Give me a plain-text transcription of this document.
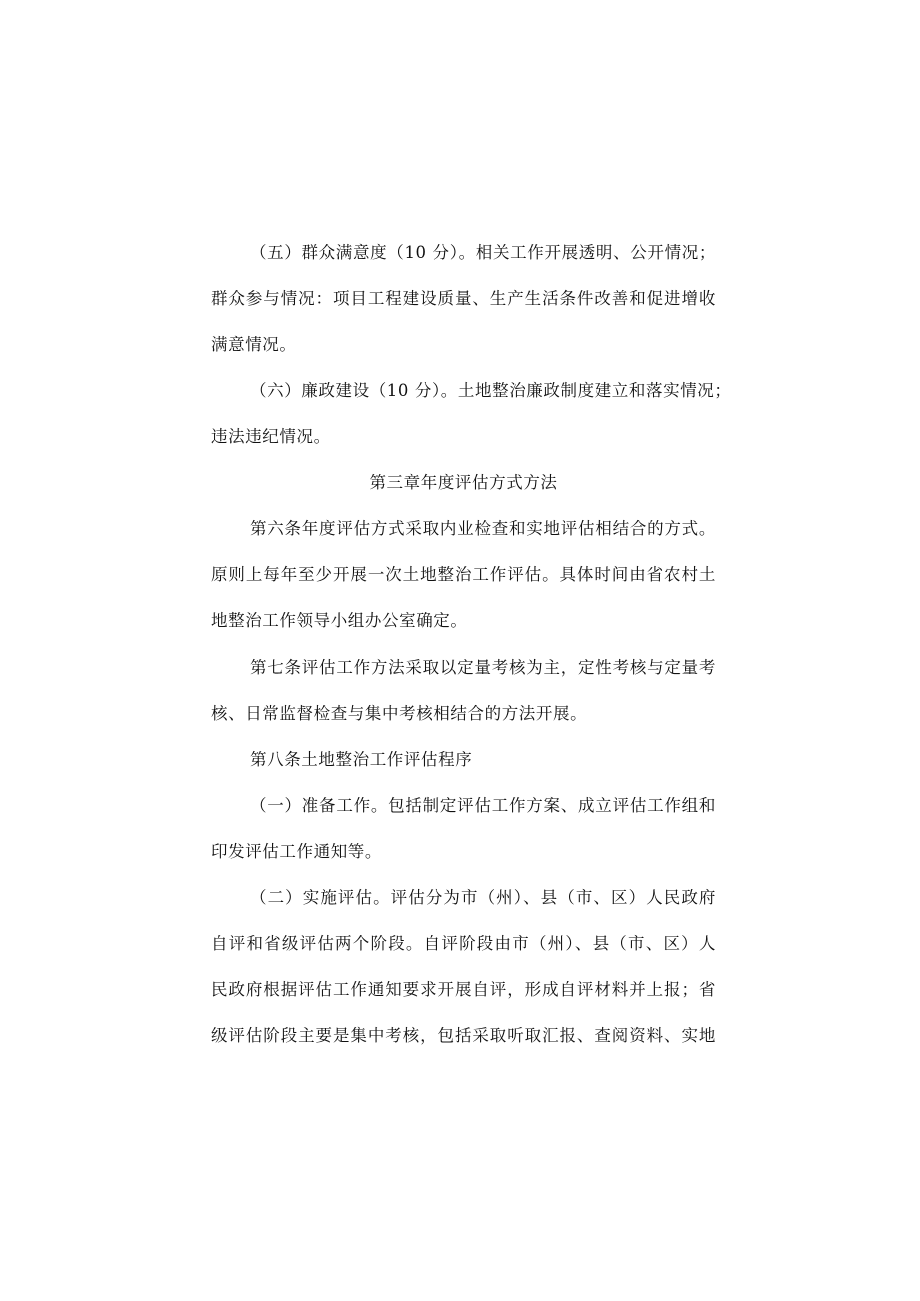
（五）群众满意度（10 分）。相关工作开展透明、公开情况；
群众参与情况：项目工程建设质量、生产生活条件改善和促进增收
满意情况。
（六）廉政建设（10 分）。土地整治廉政制度建立和落实情况；
违法违纪情况。
第三章年度评估方式方法
第六条年度评估方式采取内业检查和实地评估相结合的方式。
原则上每年至少开展一次土地整治工作评估。具体时间由省农村土
地整治工作领导小组办公室确定。
第七条评估工作方法采取以定量考核为主，定性考核与定量考
核、日常监督检查与集中考核相结合的方法开展。
第八条土地整治工作评估程序
（一）准备工作。包括制定评估工作方案、成立评估工作组和
印发评估工作通知等。
（二）实施评估。评估分为市（州）、县（市、区）人民政府
自评和省级评估两个阶段。自评阶段由市（州）、县（市、区）人
民政府根据评估工作通知要求开展自评，形成自评材料并上报；省
级评估阶段主要是集中考核，包括采取听取汇报、查阅资料、实地
